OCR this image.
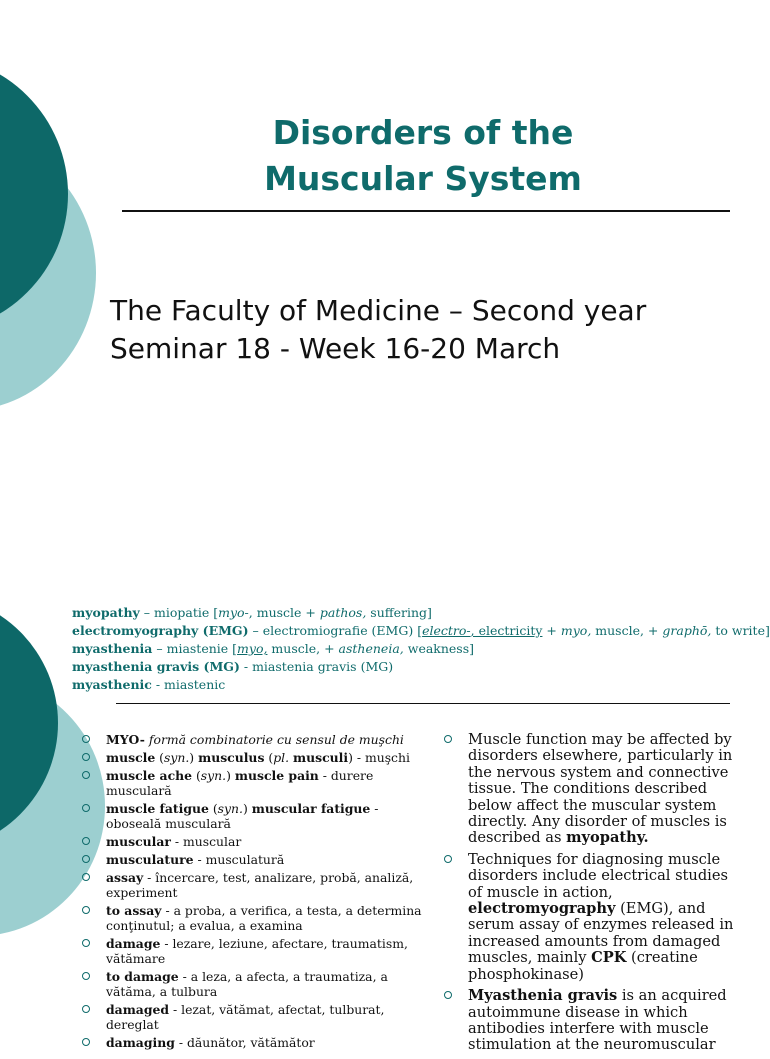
Disorders of the
Muscular System

The Faculty of Medicine – Second year
Seminar 18 - Week 16-20 March

myopathy – miopatie [myo-, muscle + pathos, suffering]
electromyography (EMG) – electromiografie (EMG) [electro-, electricity + myo, muscle, + graphō, to write]
myasthenia – miastenie [myo, muscle, + astheneia, weakness]
myasthenia gravis (MG) - miastenia gravis (MG)
myasthenic - miastenic
MYO- formă combinatorie cu sensul de muşchi
muscle (syn.) musculus (pl. musculi) - muşchi
muscle ache (syn.) muscle pain - durere musculară
muscle fatigue (syn.) muscular fatigue - oboseală musculară
muscular - muscular
musculature - musculatură
assay - încercare, test, analizare, probă, analiză, experiment
to assay - a proba, a verifica, a testa, a determina conţinutul; a evalua, a examina
damage - lezare, leziune, afectare, traumatism, vătămare
to damage - a leza, a afecta, a traumatiza, a vătăma, a tulbura
damaged - lezat, vătămat, afectat, tulburat, dereglat
damaging - dăunător, vătămător
Muscle function may be affected by disorders elsewhere, particularly in the nervous system and connective tissue. The conditions described below affect the muscular system directly. Any disorder of muscles is described as myopathy.
Techniques for diagnosing muscle disorders include electrical studies of muscle in action, electromyography (EMG), and serum assay of enzymes released in increased amounts from damaged muscles, mainly CPK (creatine phosphokinase)
Myasthenia gravis is an acquired autoimmune disease in which antibodies interfere with muscle stimulation at the neuromuscular
